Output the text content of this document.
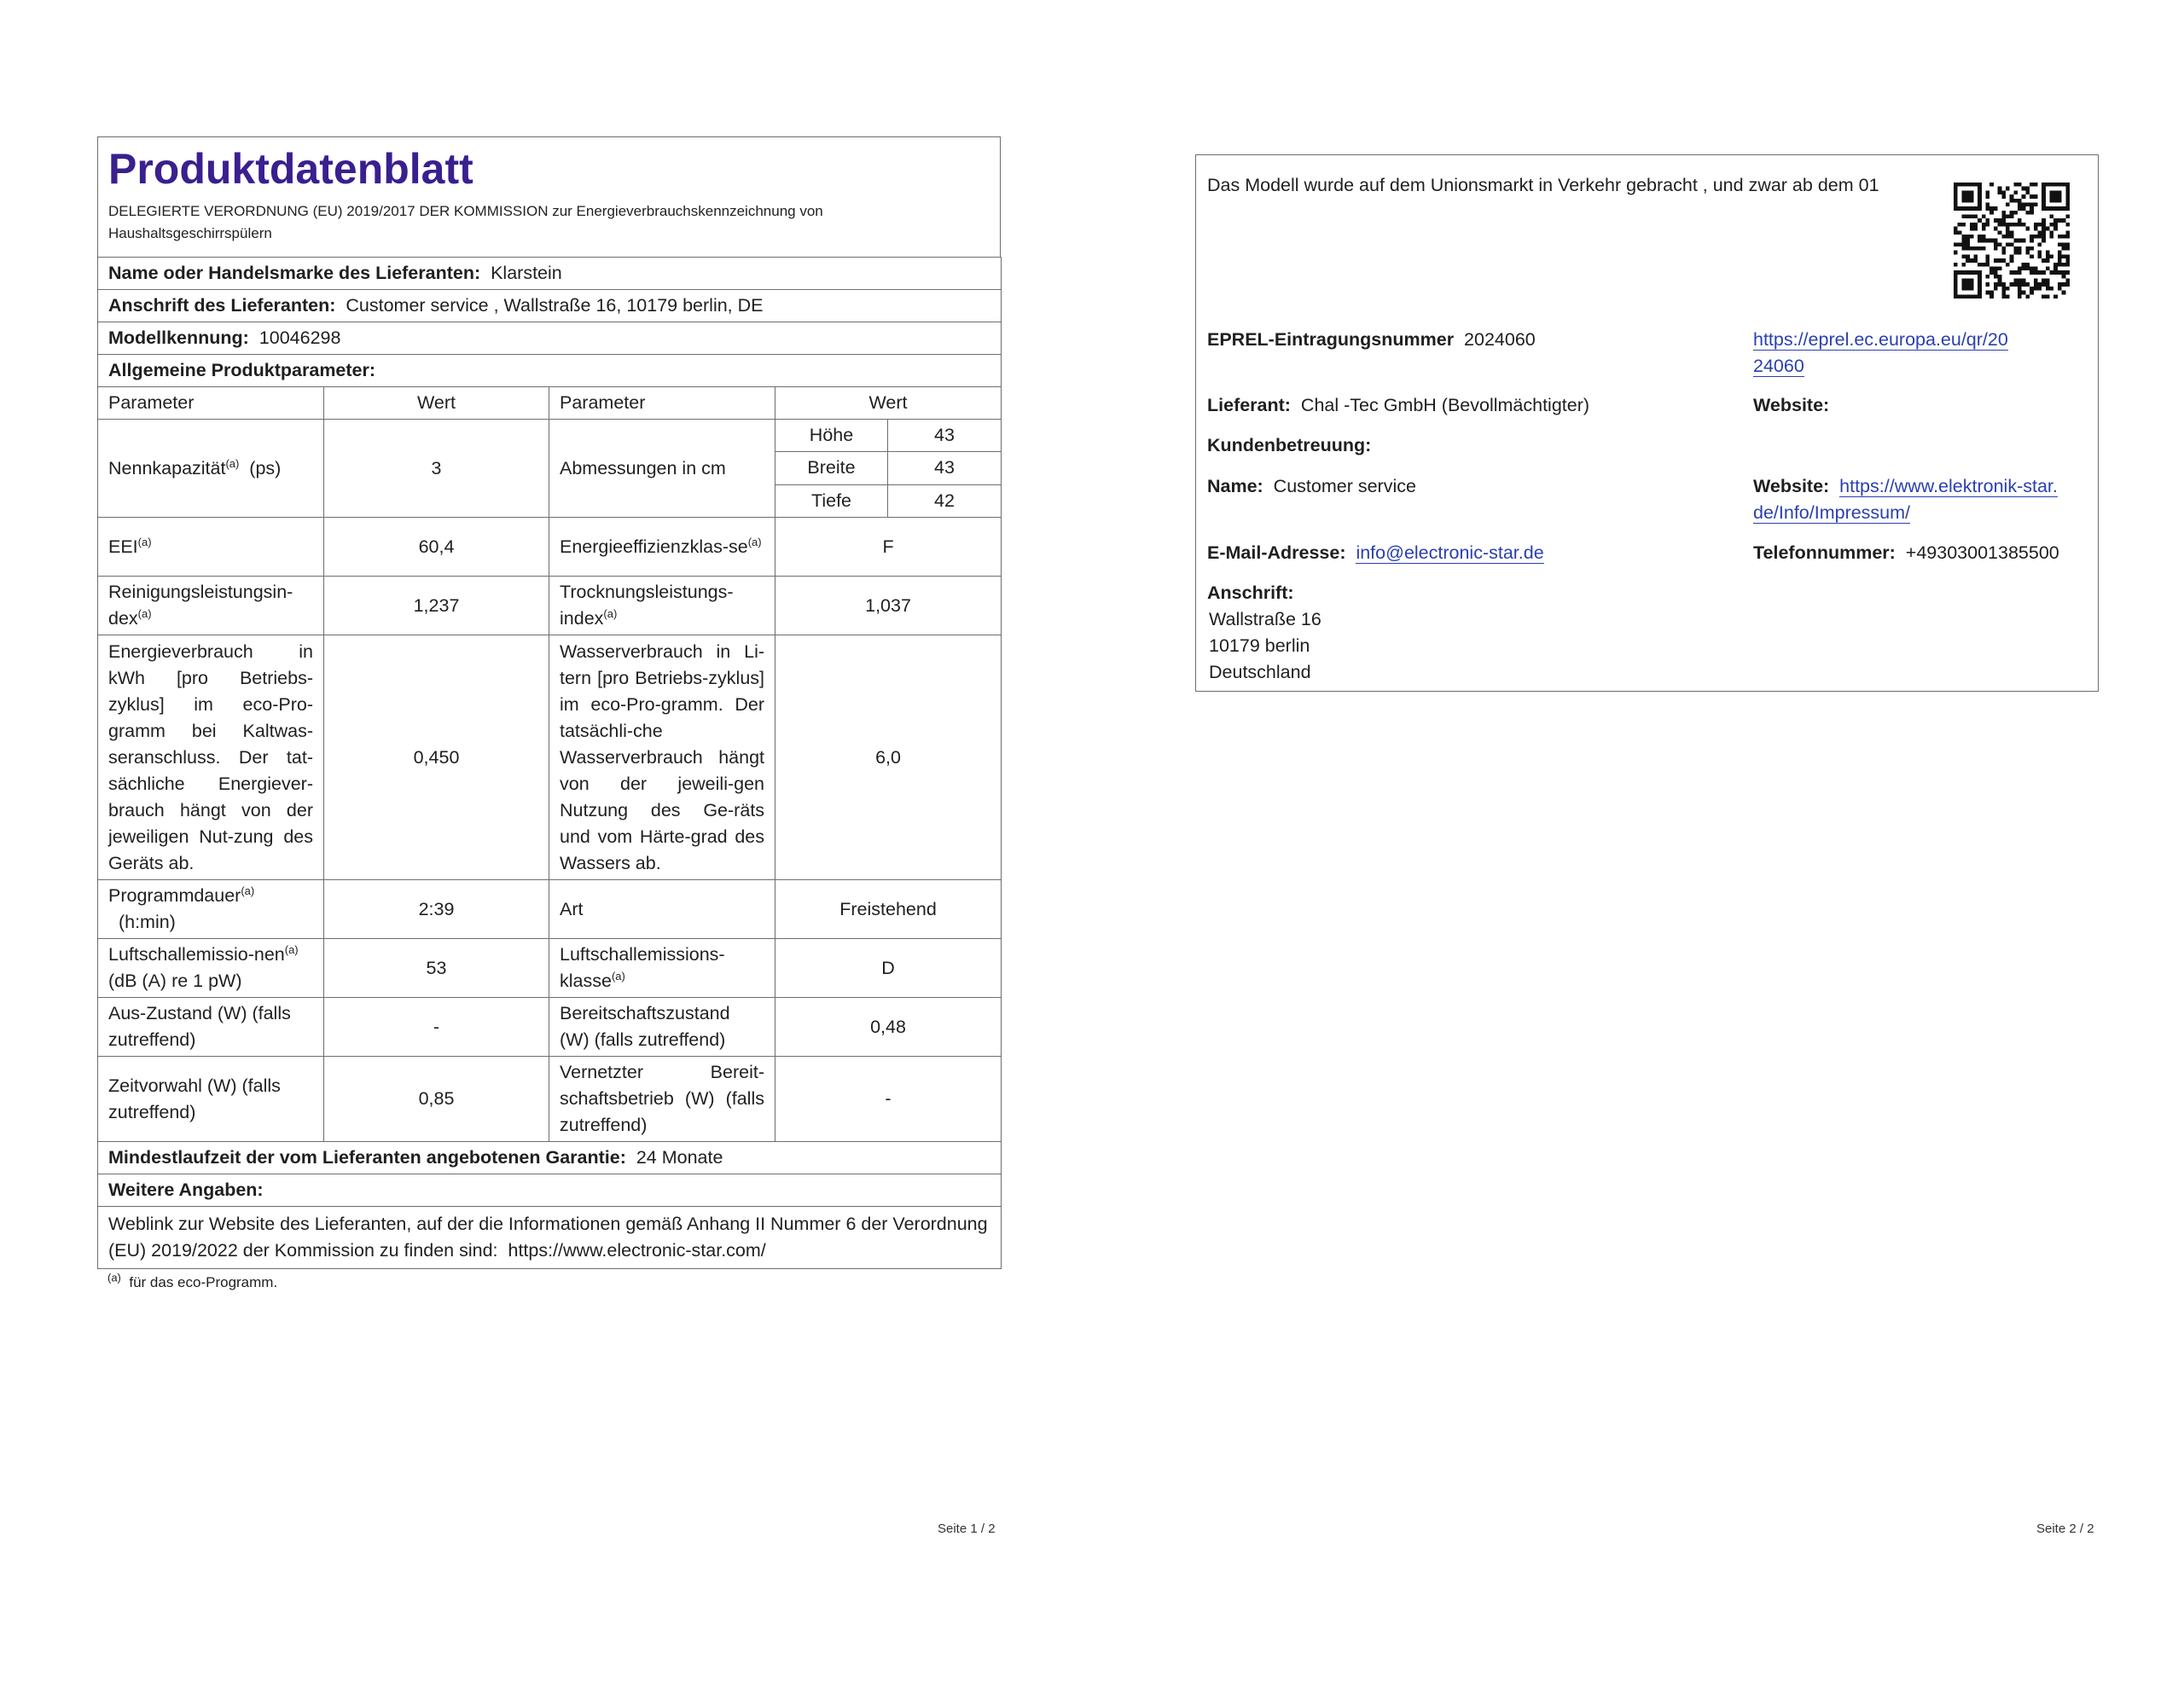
Produktdatenblatt
DELEGIERTE VERORDNUNG (EU) 2019/2017 DER KOMMISSION zur Energieverbrauchskennzeichnung von Haushaltsgeschirrspülern
Name oder Handelsmarke des Lieferanten: Klarstein				
Anschrift des Lieferanten: Customer service , Wallstraße 16, 10179 berlin, DE				
Modellkennung: 10046298				
Allgemeine Produktparameter:				
Parameter	Wert	Parameter	Wert	
Nennkapazität$^{(a)}$ (ps)	3	Abmessungen in cm	Höhe	43
			Breite	43
			Tiefe	42
EEI$^{(a)}$	60,4	Energieeffizienzklas-$se^{(a)}$	F	
Reinigungsleistungsin-dex$^{(a)}$	1,237	Trocknungsleistungs-index$^{(a)}$	1,037	
Energieverbrauch in kWh [pro Betriebs-zyklus] im eco-Pro-gramm bei Kaltwas-seranschluss. Der tat-sächliche Energiever-brauch hängt von der jeweiligen Nut-zung des Geräts ab.	0,450	Wasserverbrauch in Li-tern [pro Betriebs-zyklus] im eco-Pro-gramm. Der tatsächli-che Wasserverbrauch hängt von der jeweili-gen Nutzung des Ge-räts und vom Härte-grad des Wassers ab.	6,0	
Programmdauer$^{(a)}$
(h:min)	2:39	Art	Freistehend	
Luftschallemissio-nen$^{(a)}$  (dB (A) re 1 pW)	53	Luftschallemissions-klasse$^{(a)}$	D	
Aus-Zustand (W) (falls zutreffend)	-	Bereitschaftszustand (W) (falls zutreffend)	0,48	
Zeitvorwahl (W) (falls zutreffend)	0,85	Vernetzter Bereit-schaftsbetrieb (W) (falls zutreffend)	-	
Mindestlaufzeit der vom Lieferanten angebotenen Garantie: 24 Monate				
Weitere Angaben:				
Weblink zur Website des Lieferanten, auf der die Informationen gemäß Anhang II Nummer 6 der Verordnung (EU) 2019/2022 der Kommission zu finden sind: https://www.electronic-star.com/				
$^{(a)}$ für das eco-Programm.
Seite 1 / 2
Das Modell wurde auf dem Unionsmarkt in Verkehr gebracht , und zwar ab dem 01
EPREL-Eintragungsnummer 2024060	https://eprel.ec.europa.eu/qr/20
24060
Lieferant: Chal -Tec GmbH (Bevollmächtigter)	Website:
Kundenbetreuung:
Name: Customer service	Website: https://www.elektronik-star.
de/Info/Impressum/
E-Mail-Adresse: info@electronic-star.de	Telefonnummer: +49303001385500
Anschrift:
Wallstraße 16
10179 berlin
Deutschland
Seite 2 / 2
